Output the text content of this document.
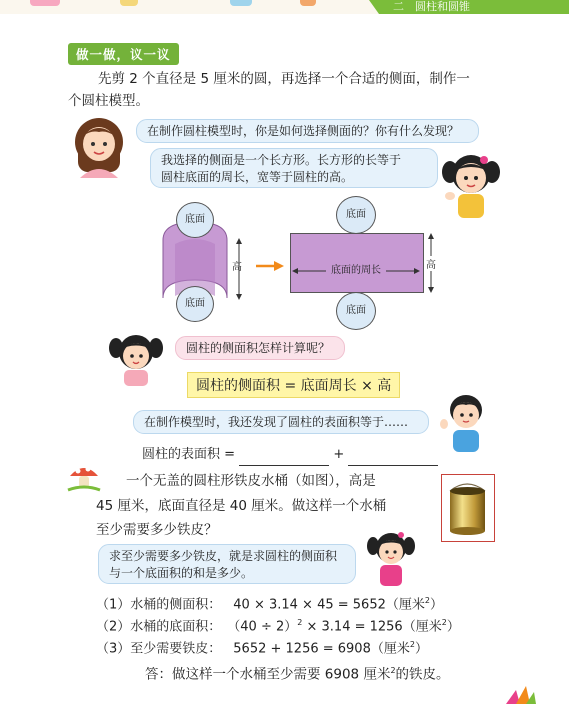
二　圆柱和圆锥
做一做，议一议
先剪 2 个直径是 5 厘米的圆，再选择一个合适的侧面，制作一
个圆柱模型。
在制作圆柱模型时，你是如何选择侧面的？你有什么发现？
我选择的侧面是一个长方形。长方形的长等于
圆柱底面的周长，宽等于圆柱的高。
底面
底面
高
底面
底面
底面的周长	高
圆柱的侧面积怎样计算呢？
圆柱的侧面积 = 底面周长 × 高
在制作模型时，我还发现了圆柱的表面积等于……
圆柱的表面积 =	+
一个无盖的圆柱形铁皮水桶（如图），高是
45 厘米，底面直径是 40 厘米。做这样一个水桶
至少需要多少铁皮？
求至少需要多少铁皮，就是求圆柱的侧面积
与一个底面积的和是多少。
（1）水桶的侧面积： 40 × 3.14 × 45 = 5652（厘米$^2$）
（2）水桶的底面积： $(40 \div 2)^2 \times 3.14 = 1256$（厘米$^2$）
（3）至少需要铁皮： 5652 + 1256 = 6908（厘米$^2$）
答：做这样一个水桶至少需要 6908 厘米$^2$的铁皮。
